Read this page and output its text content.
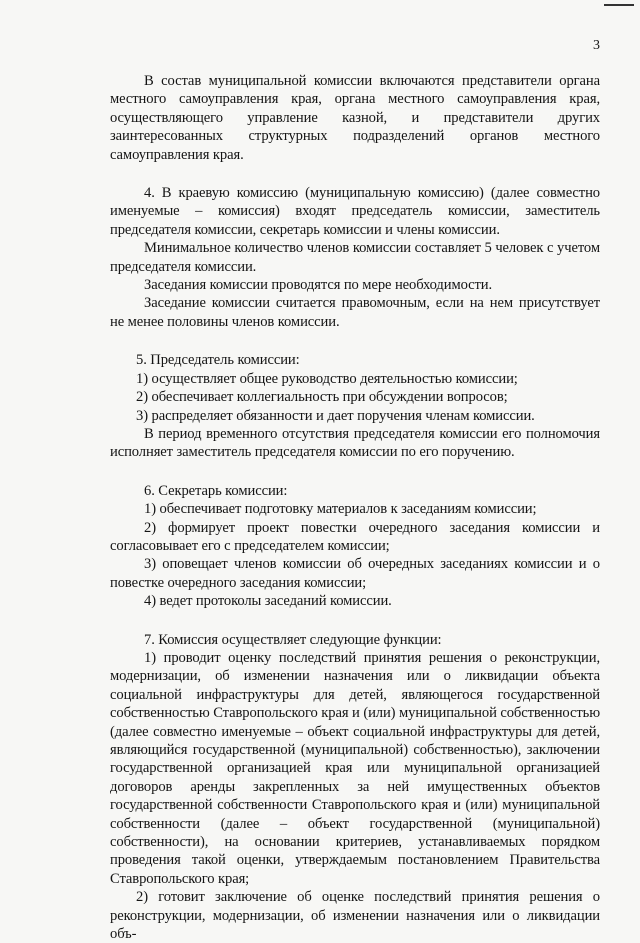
3

В состав муниципальной комиссии включаются представители органа местного самоуправления края, органа местного самоуправления края, осуществляющего управление казной, и представители других заинтересованных структурных подразделений органов местного самоуправления края.

4. В краевую комиссию (муниципальную комиссию) (далее совместно именуемые – комиссия) входят председатель комиссии, заместитель председателя комиссии, секретарь комиссии и члены комиссии.

Минимальное количество членов комиссии составляет 5 человек с учетом председателя комиссии.

Заседания комиссии проводятся по мере необходимости.

Заседание комиссии считается правомочным, если на нем присутствует не менее половины членов комиссии.

5. Председатель комиссии:

1) осуществляет общее руководство деятельностью комиссии;

2) обеспечивает коллегиальность при обсуждении вопросов;

3) распределяет обязанности и дает поручения членам комиссии.

В период временного отсутствия председателя комиссии его полномочия исполняет заместитель председателя комиссии по его поручению.

6. Секретарь комиссии:

1) обеспечивает подготовку материалов к заседаниям комиссии;

2) формирует проект повестки очередного заседания комиссии и согласовывает его с председателем комиссии;

3) оповещает членов комиссии об очередных заседаниях комиссии и о повестке очередного заседания комиссии;

4) ведет протоколы заседаний комиссии.

7. Комиссия осуществляет следующие функции:

1) проводит оценку последствий принятия решения о реконструкции, модернизации, об изменении назначения или о ликвидации объекта социальной инфраструктуры для детей, являющегося государственной собственностью Ставропольского края и (или) муниципальной собственностью (далее совместно именуемые – объект социальной инфраструктуры для детей, являющийся государственной (муниципальной) собственностью), заключении государственной организацией края или муниципальной организацией договоров аренды закрепленных за ней имущественных объектов государственной собственности Ставропольского края и (или) муниципальной собственности (далее – объект государственной (муниципальной) собственности), на основании критериев, устанавливаемых порядком проведения такой оценки, утверждаемым постановлением Правительства Ставропольского края;

2) готовит заключение об оценке последствий принятия решения о реконструкции, модернизации, об изменении назначения или о ликвидации объ-
